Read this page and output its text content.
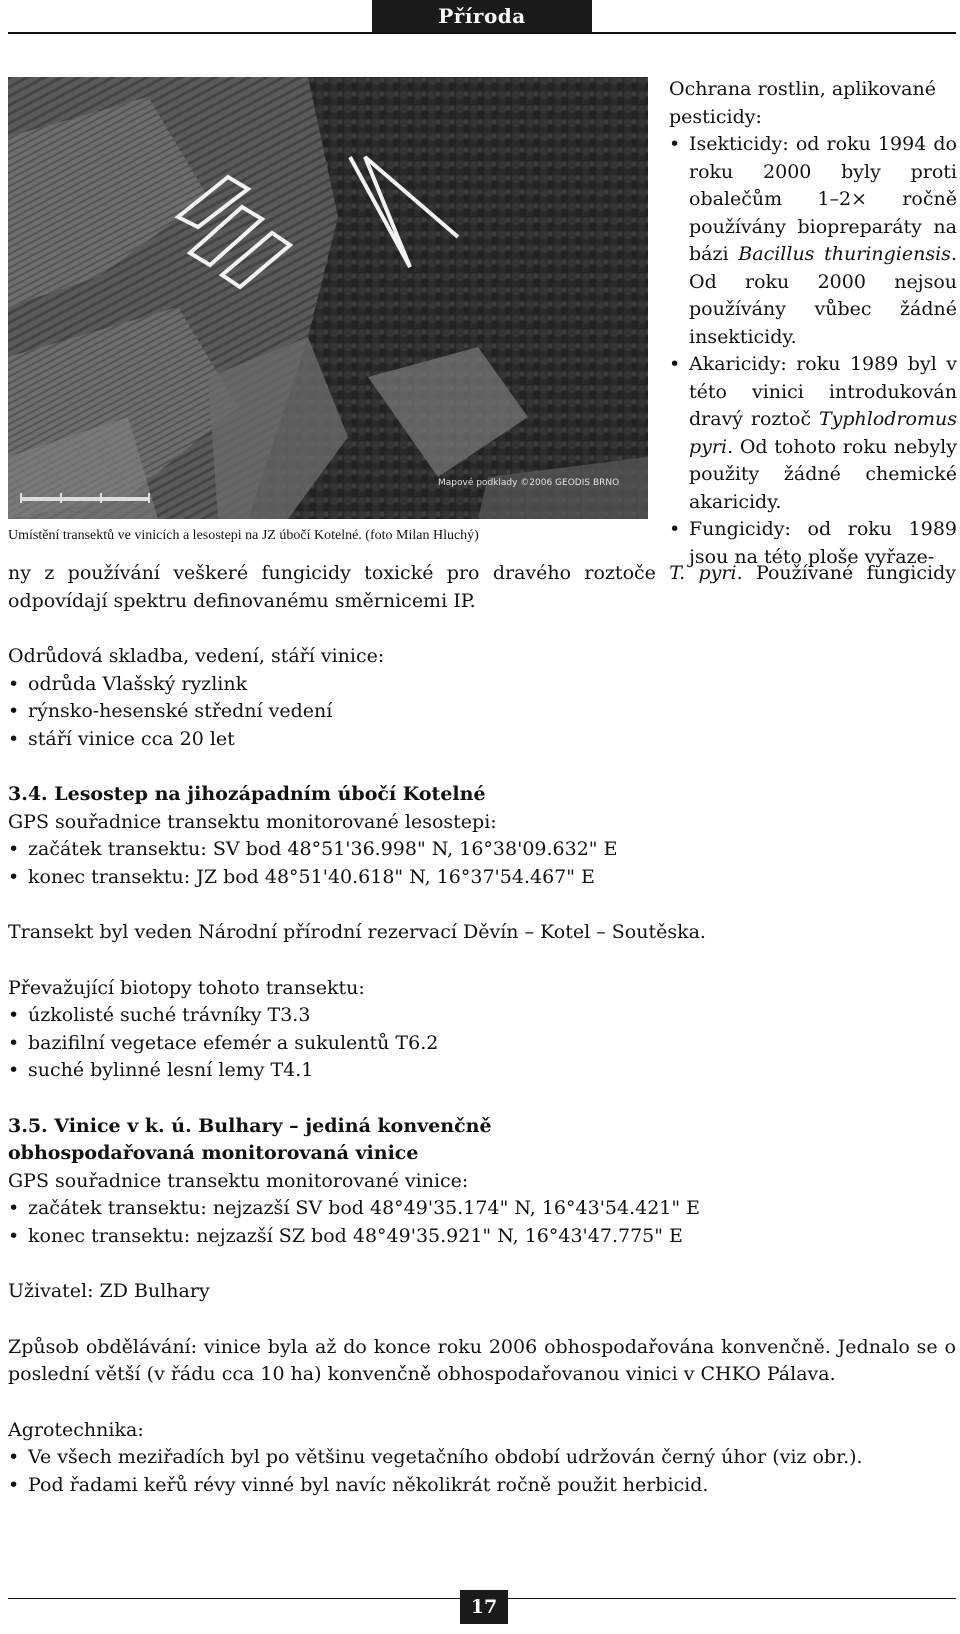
Příroda
Mapové podklady ©2006 GEODIS BRNO
Umístění transektů ve vinicích a lesostepi na JZ úbočí Kotelné. (foto Milan Hluchý)

Ochrana rostlin, aplikované pesticidy:

• Isekticidy: od roku 1994 do roku 2000 byly proti obalečům 1–2× ročně používány biopreparáty na bázi Bacillus thuringiensis. Od roku 2000 nejsou používány vůbec žádné insekticidy.
• Akaricidy: roku 1989 byl v této vinici introdukován dravý roztoč Typhlodromus pyri. Od tohoto roku nebyly použity žádné chemické akaricidy.
• Fungicidy: od roku 1989 jsou na této ploše vyřaze-

ny z používání veškeré fungicidy toxické pro dravého roztoče T. pyri. Používané fungicidy odpovídají spektru definovanému směrnicemi IP.

Odrůdová skladba, vedení, stáří vinice:

• odrůda Vlašský ryzlink
• rýnsko-hesenské střední vedení
• stáří vinice cca 20 let
3.4. Lesostep na jihozápadním úbočí Kotelné

GPS souřadnice transektu monitorované lesostepi:

• začátek transektu: SV bod 48°51'36.998" N, 16°38'09.632" E
• konec transektu: JZ bod 48°51'40.618" N, 16°37'54.467" E

Transekt byl veden Národní přírodní rezervací Děvín – Kotel – Soutěska.

Převažující biotopy tohoto transektu:

• úzkolisté suché trávníky T3.3
• bazifilní vegetace efemér a sukulentů T6.2
• suché bylinné lesní lemy T4.1
3.5. Vinice v k. ú. Bulhary – jediná konvenčně
obhospodařovaná monitorovaná vinice

GPS souřadnice transektu monitorované vinice:

• začátek transektu: nejzazší SV bod 48°49'35.174" N, 16°43'54.421" E
• konec transektu: nejzazší SZ bod 48°49'35.921" N, 16°43'47.775" E

Uživatel: ZD Bulhary

Způsob obdělávání: vinice byla až do konce roku 2006 obhospodařována konvenčně. Jednalo se o poslední větší (v řádu cca 10 ha) konvenčně obhospodařovanou vinici v CHKO Pálava.

Agrotechnika:

• Ve všech meziřadích byl po většinu vegetačního období udržován černý úhor (viz obr.).
• Pod řadami keřů révy vinné byl navíc několikrát ročně použit herbicid.
17
